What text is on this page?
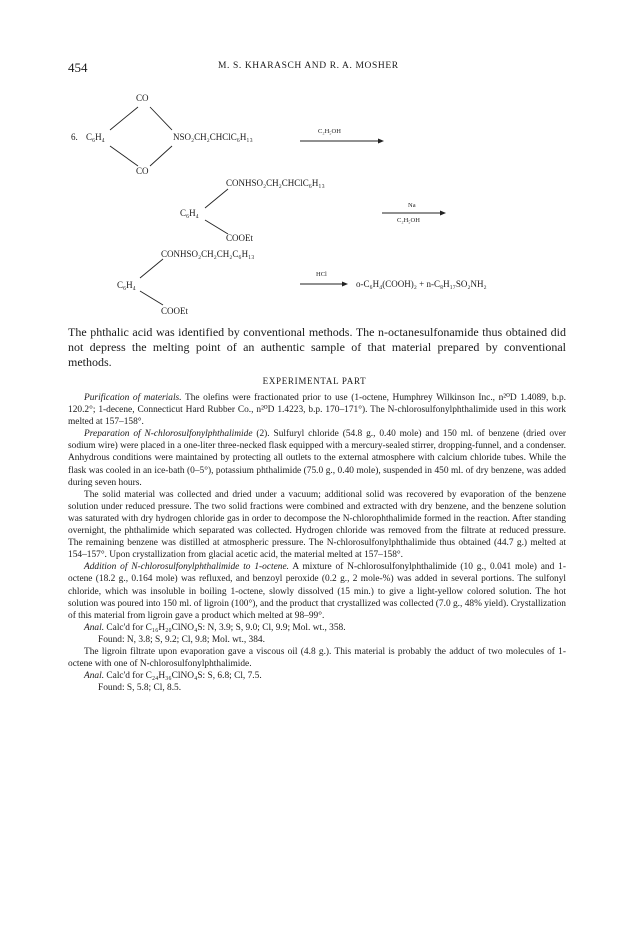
454	M. S. KHARASCH AND R. A. MOSHER
CO
6. C₆H₄	NSO₂CH₂CHClC₆H₁₃
CO
C₂H₅OH
CONHSO₂CH₂CHClC₆H₁₃
C₆H₄
COOEt
Na
C₂H₅OH
CONHSO₂CH₂CH₂C₆H₁₃
C₆H₄
COOEt
HCl
o-C₆H₄(COOH)₂ + n-C₈H₁₇SO₂NH₂
The phthalic acid was identified by conventional methods. The n-octanesulfonamide thus obtained did not depress the melting point of an authentic sample of that material prepared by conventional methods.
EXPERIMENTAL PART

Purification of materials. The olefins were fractionated prior to use (1-octene, Humphrey Wilkinson Inc., n²⁰D 1.4089, b.p. 120.2°; 1-decene, Connecticut Hard Rubber Co., n²⁰D 1.4223, b.p. 170–171°). The N-chlorosulfonylphthalimide used in this work melted at 157–158°.

Preparation of N-chlorosulfonylphthalimide (2). Sulfuryl chloride (54.8 g., 0.40 mole) and 150 ml. of benzene (dried over sodium wire) were placed in a one-liter three-necked flask equipped with a mercury-sealed stirrer, dropping-funnel, and a condenser. Anhydrous conditions were maintained by protecting all outlets to the external atmosphere with calcium chloride tubes. While the flask was cooled in an ice-bath (0–5°), potassium phthalimide (75.0 g., 0.40 mole), suspended in 450 ml. of dry benzene, was added during seven hours.

The solid material was collected and dried under a vacuum; additional solid was recovered by evaporation of the benzene solution under reduced pressure. The two solid fractions were combined and extracted with dry benzene, and the benzene solution was saturated with dry hydrogen chloride gas in order to decompose the N-chlorophthalimide formed in the reaction. After standing overnight, the phthalimide which separated was collected. Hydrogen chloride was removed from the filtrate at reduced pressure. The remaining benzene was distilled at atmospheric pressure. The N-chlorosulfonylphthalimide thus obtained (44.7 g.) melted at 154–157°. Upon crystallization from glacial acetic acid, the material melted at 157–158°.

Addition of N-chlorosulfonylphthalimide to 1-octene. A mixture of N-chlorosulfonylphthalimide (10 g., 0.041 mole) and 1-octene (18.2 g., 0.164 mole) was refluxed, and benzoyl peroxide (0.2 g., 2 mole-%) was added in several portions. The sulfonyl chloride, which was insoluble in boiling 1-octene, slowly dissolved (15 min.) to give a light-yellow colored solution. The hot solution was poured into 150 ml. of ligroin (100°), and the product that crystallized was collected (7.0 g., 48% yield). Crystallization of this material from ligroin gave a product which melted at 98–99°.

Anal. Calc'd for C₁₆H₂₀ClNO₄S: N, 3.9; S, 9.0; Cl, 9.9; Mol. wt., 358.

Found: N, 3.8; S, 9.2; Cl, 9.8; Mol. wt., 384.

The ligroin filtrate upon evaporation gave a viscous oil (4.8 g.). This material is probably the adduct of two molecules of 1-octene with one of N-chlorosulfonylphthalimide.

Anal. Calc'd for C₂₄H₃₆ClNO₄S: S, 6.8; Cl, 7.5.

Found: S, 5.8; Cl, 8.5.
